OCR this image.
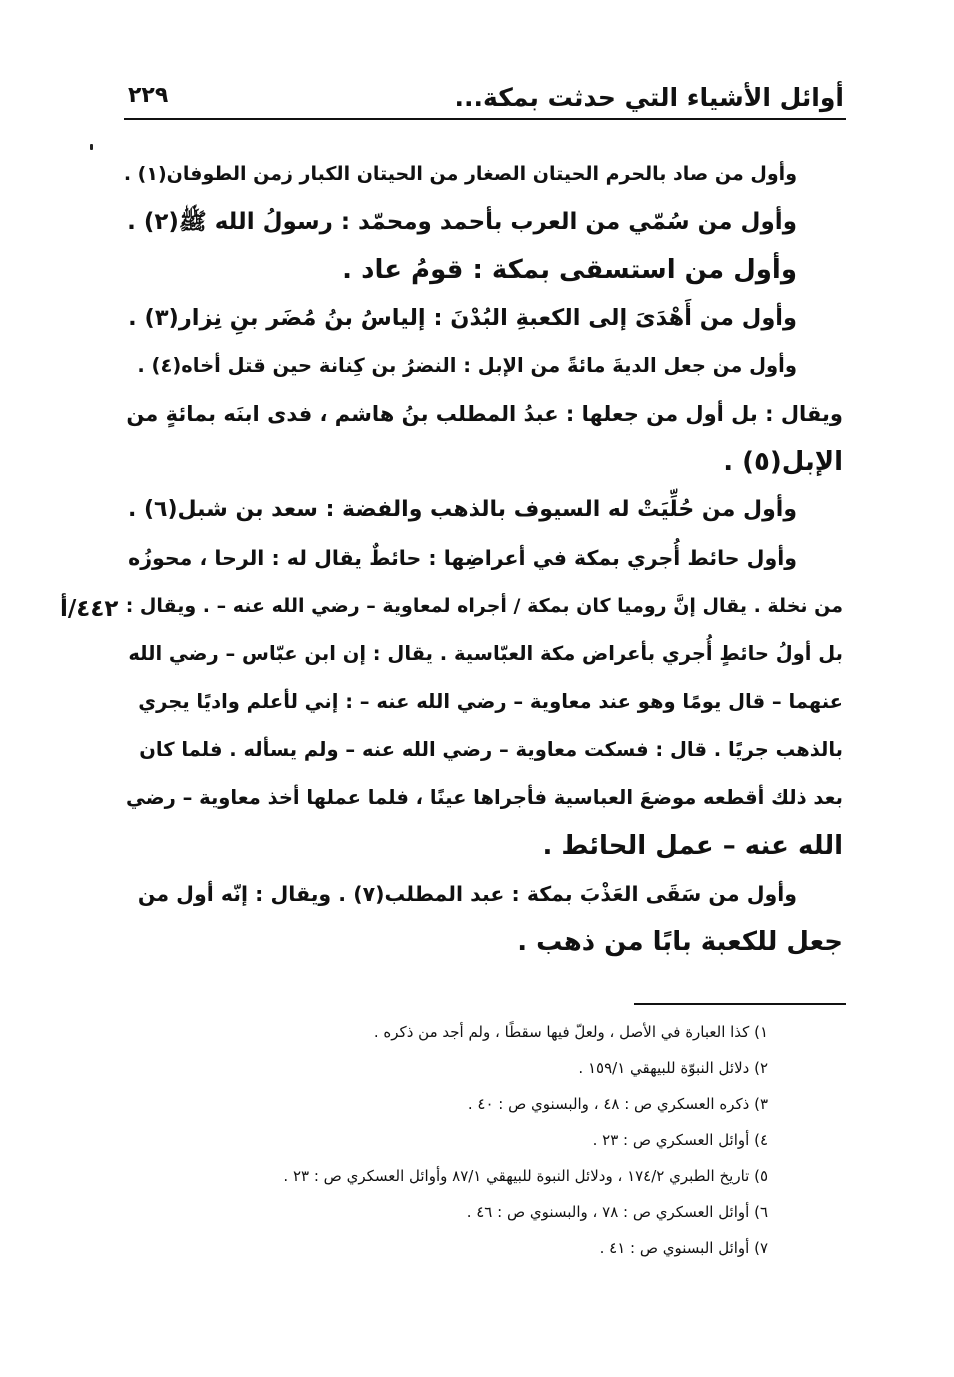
أوائل الأشياء التي حدثت بمكة...
٢٢٩
وأول من صاد بالحرم الحيتان الصغار من الحيتان الكبار زمن الطوفان(١) .
وأول من سُمّي من العرب بأحمد ومحمّد : رسولُ الله ﷺ(٢) .
وأول من استسقى بمكة : قومُ عاد .
وأول من أَهْدَىَ إلى الكعبةِ البُدْنَ : إلياسُ بنُ مُضَر بنِ نِزار(٣) .
وأول من جعل الديةَ مائةً من الإبل : النضرُ بن كِنانة حين قتل أخاه(٤) .
ويقال : بل أول من جعلها : عبدُ المطلب بنُ هاشم ، فدى ابنَه بمائةٍ من
الإبل(٥) .
وأول من حُلِّيَتْ له السيوف بالذهب والفضة : سعد بن شبل(٦) .
وأول حائط أُجري بمكة في أعراضِها : حائطٌ يقال له : الرحا ، محوزُه
من نخلة . يقال إنَّ روميا كان بمكة / أجراه لمعاوية – رضي الله عنه – . ويقال :
بل أولُ حائطٍ أُجري بأعراض مكة العبّاسية . يقال : إن ابن عبّاس – رضي الله
عنهما – قال يومًا وهو عند معاوية – رضي الله عنه – : إني لأعلم واديًا يجري
بالذهب جريًا . قال : فسكت معاوية – رضي الله عنه – ولم يسأله . فلما كان
بعد ذلك أقطعه موضعَ العباسية فأجراها عينًا ، فلما عملها أخذ معاوية – رضي
الله عنه – عمل الحائط .
وأول من سَقَى العَذْبَ بمكة : عبد المطلب(٧) . ويقال : إنّه أول من
جعل للكعبة بابًا من ذهب .
٤٤٢/أ
١) كذا العبارة في الأصل ، ولعلّ فيها سقطًا ، ولم أجد من ذكره .
٢) دلائل النبوّة للبيهقي ١٥٩/١ .
٣) ذكره العسكري ص : ٤٨ ، والبسنوي ص : ٤٠ .
٤) أوائل العسكري ص : ٢٣ .
٥) تاريخ الطبري ١٧٤/٢ ، ودلائل النبوة للبيهقي ٨٧/١ وأوائل العسكري ص : ٢٣ .
٦) أوائل العسكري ص : ٧٨ ، والبسنوي ص : ٤٦ .
٧) أوائل البسنوي ص : ٤١ .
